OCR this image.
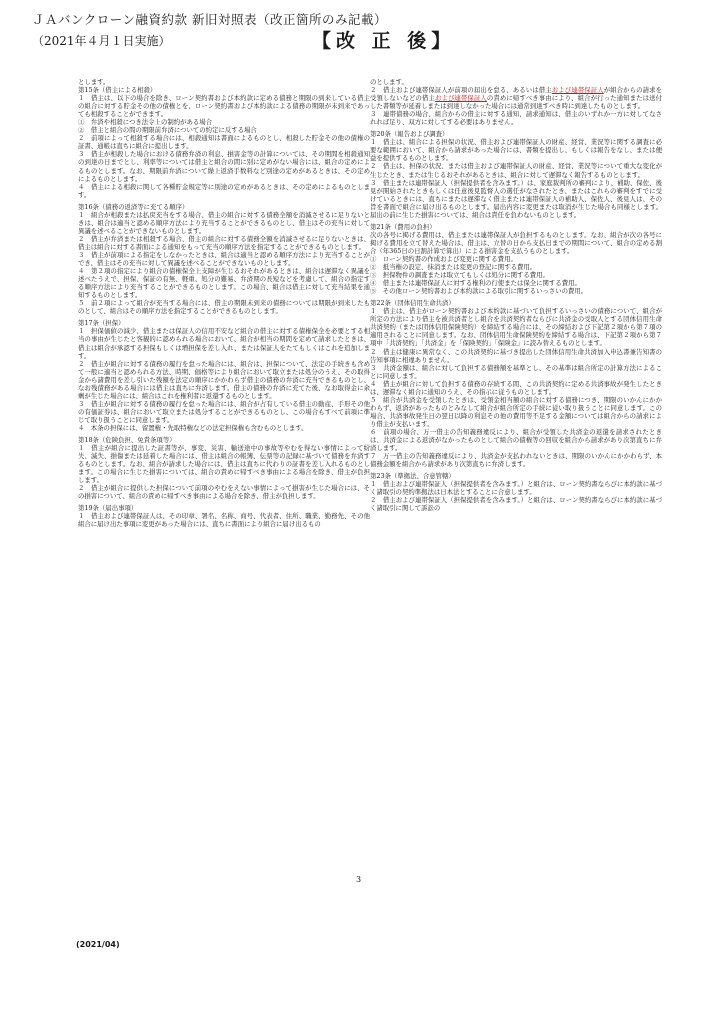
ＪＡバンクローン融資約款 新旧対照表（改正箇所のみ記載）
（2021年４月１日実施）	【改 正 後】
とします。
第15条（借主による相殺）
１　借主は、以下の場合を除き、ローン契約書および本約款に定める債務と期限の到来している借主の組合に対する貯金その他の債権とを、ローン契約書および本約款による債務の期限が未到来であっても相殺することができます。
①　弁済や相殺につき法令上の制約がある場合
②　借主と組合の間の期限前弁済についての約定に反する場合
２　前項によって相殺する場合には、相殺通知は書面によるものとし、相殺した貯金その他の債権の証書、通帳は直ちに組合に提出します。
３　借主が相殺した場合における債務弁済の利息、損害金等の計算については、その期間を相殺通知の到達の日までとし、利率等については借主と組合の間に別に定めがない場合には、組合の定めによるものとします。なお、期限前弁済について繰上返済手数料など別途の定めがあるときは、その定めによるものとします。
４　借主による相殺に関して各種貯金規定等に別途の定めがあるときは、その定めによるものとします。
第16条（債務の返済等に充てる順序）
１　組合が相殺または払戻充当をする場合、借主の組合に対する債務全額を消滅させるに足りないときは、組合は適当と認める順序方法により充当することができるものとし、借主はその充当に対して異議を述べることができないものとします。
２　借主が弁済または相殺する場合、借主の組合に対する債務全額を消滅させるに足りないときは、借主は組合に対する書面による通知をもって充当の順序方法を指定することができるものとします。
３　借主が前項による指定をしなかったときは、組合は適当と認める順序方法により充当することができ、借主はその充当に対して異議を述べることができないものとします。
４　第２項の指定により組合の債権保全上支障が生じるおそれがあるときは、組合は遅滞なく異議を述べたうえで、担保、保証の有無、軽重、処分の難易、弁済期の長短などを考慮して、組合の指定する順序方法により充当することができるものとします。この場合、組合は借主に対して充当結果を通知するものとします。
５　前２項によって組合が充当する場合には、借主の期限未到来の債務については期限が到来したものとして、組合はその順序方法を指定することができるものとします。
第17条（担保）
１　担保価値の減少、借主または保証人の信用不安など組合の借主に対する債権保全を必要とする相当の事由が生じたと客観的に認められる場合において、組合が相当の期間を定めて請求したときは、借主は組合が承認する担保もしくは増担保を差し入れ、または保証人をたてもしくはこれを追加します。
２　借主が組合に対する債務の履行を怠った場合には、組合は、担保について、法定の手続きも含めて一般に適当と認められる方法、時期、価格等により組合において取立または処分のうえ、その取得金から諸費用を差し引いた残額を法定の順序にかかわらず借主の債務の弁済に充当できるものとし、なお残債務がある場合には借主は直ちに弁済します。借主の債務の弁済に充てた後、なお取得金に余剰が生じた場合には、組合はこれを権利者に返還するものとします。
３　借主が組合に対する債務の履行を怠った場合には、組合が占有している借主の動産、手形その他の有価証券は、組合において取立または処分することができるものとし、この場合もすべて前項に準じて取り扱うことに同意します。
４　本条の担保には、留置権・先取特権などの法定担保権も含むものとします。
第18条（危険負担、免責条項等）
１　借主が組合に提出した証書等が、事変、災害、輸送途中の事故等やむを得ない事情によって紛失、滅失、損傷または延着した場合には、借主は組合の帳簿、伝票等の記録に基づいて債務を弁済するものとします。なお、組合が請求した場合には、借主は直ちに代わりの証書を差し入れるものとします。この場合に生じた損害については、組合の責めに帰すべき事由による場合を除き、借主が負担します。
２　借主が組合に提供した担保について前項のやむをえない事情によって損害が生じた場合には、その損害について、組合の責めに帰すべき事由による場合を除き、借主が負担します。
第19条（届出事項）
１　借主および連帯保証人は、その印章、署名、名称、商号、代表者、住所、職業、勤務先、その他組合に届け出た事項に変更があった場合には、直ちに書面により組合に届け出るもの
のとします。
２　借主および連帯保証人が前項の届出を怠る、あるいは借主および連帯保証人が組合からの請求を受領しないなどの借主および連帯保証人の責めに帰すべき事由により、組合が行った通知または送付した書類等が延着しまたは到達しなかった場合には通常到達すべき時に到達したものとします。
３　連帯債務の場合、組合からの借主に対する通知、請求通知は、借主のいずれか一方に対してなされれば足り、双方に対してする必要はありません。
第20条（報告および調査）
１　借主は、組合による担保の状況、借主および連帯保証人の財産、経営、業況等に関する調査に必要な範囲において、組合から請求があった場合には、書類を提出し、もしくは報告をなし、または便益を提供するものとします。
２　借主は、担保の状況、または借主および連帯保証人の財産、経営、業況等について重大な変化が生じたとき、または生じるおそれがあるときは、組合に対して遅滞なく報告するものとします。
３　借主または連帯保証人（担保提供者を含みます。）は、家庭裁判所の審判により、補助、保佐、後見が開始されたときもしくは任意後見監督人の選任がなされたとき、またはこれらの審判をすでに受けているときには、直ちにまたは遅滞なく借主または連帯保証人の補助人、保佐人、後見人は、その旨を書面で組合に届け出るものとします。届出内容に変更または取消が生じた場合も同様とします。届出の前に生じた損害については、組合は責任を負わないものとします。
第21条（費用の負担）
次の各号に掲げる費用は、借主または連帯保証人が負担するものとします。なお、組合が次の各号に掲げる費用を立て替えた場合は、借主は、立替の日から支払日までの期間について、組合の定める割合（年365日の日割計算で算出）による損害金を支払うものとします。
①　ローン契約書の作成および変更に関する費用。
②　抵当権の設定、抹消または変更の登記に関する費用。
③　担保物件の調査または取立てもしくは処分に関する費用。
④　借主または連帯保証人に対する権利の行使または保全に関する費用。
⑤　その他ローン契約書および本約款による取引に関するいっさいの費用。
第22条（団体信用生命共済）
１　借主は、借主がローン契約書および本約款に基づいて負担するいっさいの債務について、組合が所定の方法により借主を被共済者とし組合を共済契約者ならびに共済金の受取人とする団体信用生命共済契約（または団体信用保険契約）を締結する場合には、その締結および下記第２項から第７項の適用されることに同意します。なお、団体信用生命保険契約を締結する場合は、下記第２項から第７項中「共済契約」「共済金」を「保険契約」「保険金」に読み替えるものとします。
２　借主は健康に異常なく、この共済契約に基づき提出した団体信用生命共済加入申込書兼告知書の告知事項に相違ありません。
３　共済金額は、組合に対して負担する債務額を基準とし、その基準は組合所定の計算方法によることに同意します。
４　借主が組合に対して負担する債務の存続する間、この共済契約に定める共済事故が発生したときは、遅滞なく組合に通知のうえ、その指示に従うものとします。
５　組合が共済金を受領したときは、受領金相当額の組合に対する債務につき、期限のいかんにかかわらず、返済があったものとみなして組合が組合所定の手続に従い取り扱うことに同意します。この場合、共済事故発生日の翌日以降の利息その他の費用等不足する金額については組合からの請求により借主が支払います。
６　前項の場合、万一借主の告知義務違反により、組合が受領した共済金の返還を請求されたときは、共済金による返済がなかったものとして組合の債権等の回収を組合から請求があり次第直ちに弁済します。
７　万一借主の告知義務違反により、共済金が支払われないときは、期限のいかんにかかわらず、本債務金額を組合から請求があり次第直ちに弁済します。
第23条（準拠法、合意管轄）
１　借主および連帯保証人（担保提供者を含みます。）と組合は、ローン契約書ならびに本約款に基づく諸取引の契約準拠法は日本法とすることに合意します。
２　借主および連帯保証人（担保提供者を含みます。）と組合は、ローン契約書ならびに本約款に基づく諸取引に関して訴訟の
3
(2021/04)
